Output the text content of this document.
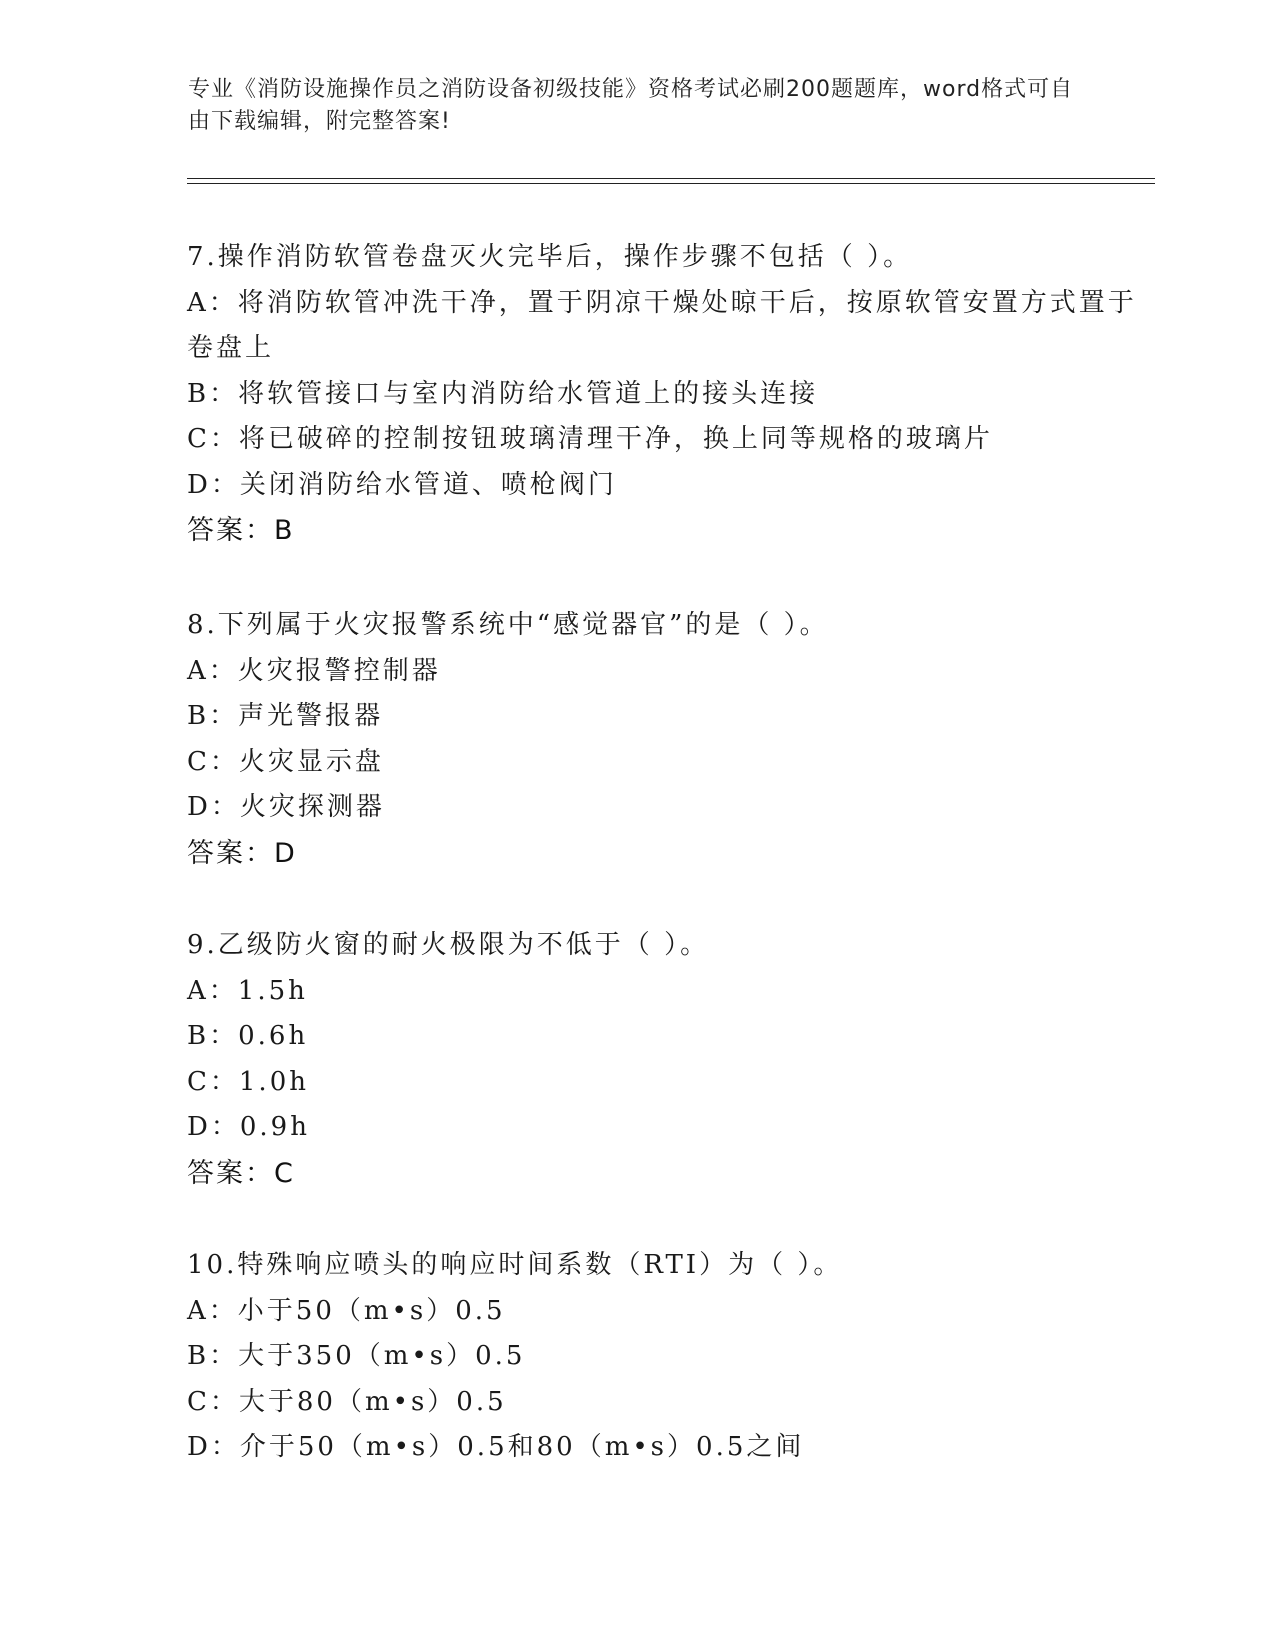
专业《消防设施操作员之消防设备初级技能》资格考试必刷200题题库，word格式可自由下载编辑，附完整答案!
7.操作消防软管卷盘灭火完毕后，操作步骤不包括（ ）。
A：将消防软管冲洗干净，置于阴凉干燥处晾干后，按原软管安置方式置于卷盘上
B：将软管接口与室内消防给水管道上的接头连接
C：将已破碎的控制按钮玻璃清理干净，换上同等规格的玻璃片
D：关闭消防给水管道、喷枪阀门
答案：B
8.下列属于火灾报警系统中“感觉器官”的是（ ）。
A：火灾报警控制器
B：声光警报器
C：火灾显示盘
D：火灾探测器
答案：D
9.乙级防火窗的耐火极限为不低于（ ）。
A：1.5h
B：0.6h
C：1.0h
D：0.9h
答案：C
10.特殊响应喷头的响应时间系数（RTI）为（ ）。
A：小于50（m•s）0.5
B：大于350（m•s）0.5
C：大于80（m•s）0.5
D：介于50（m•s）0.5和80（m•s）0.5之间
